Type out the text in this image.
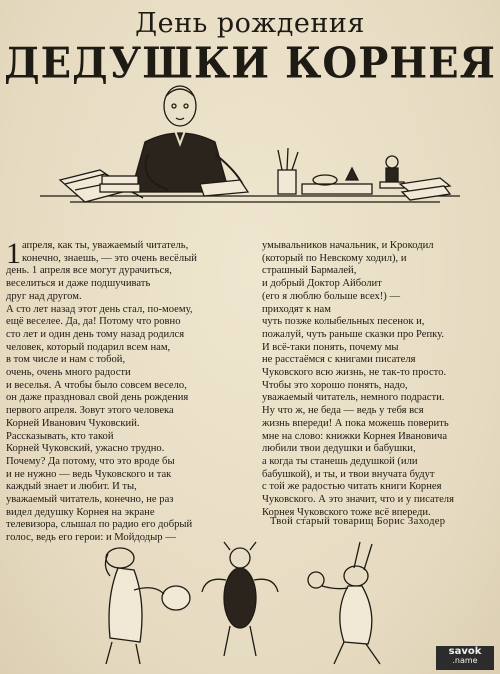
День рождения
ДЕДУШКИ КОРНЕЯ
1 апреля, как ты, уважаемый читатель,
конечно, знаешь, — это очень весёлый
день. 1 апреля все могут дурачиться,
веселиться и даже подшучивать
друг над другом.
А сто лет назад этот день стал, по-моему,
ещё веселее. Да, да! Потому что ровно
сто лет и один день тому назад родился
человек, который подарил всем нам,
в том числе и нам с тобой,
очень, очень много радости
и веселья. А чтобы было совсем весело,
он даже праздновал свой день рождения
первого апреля. Зовут этого человека
Корней Иванович Чуковский.
Рассказывать, кто такой
Корней Чуковский, ужасно трудно.
Почему? Да потому, что это вроде бы
и не нужно — ведь Чуковского и так
каждый знает и любит. И ты,
уважаемый читатель, конечно, не раз
видел дедушку Корнея на экране
телевизора, слышал по радио его добрый
голос, ведь его герои: и Мойдодыр —
умывальников начальник, и Крокодил
(который по Невскому ходил), и
страшный Бармалей,
и добрый Доктор Айболит
(его я люблю больше всех!) —
приходят к нам
чуть позже колыбельных песенок и,
пожалуй, чуть раньше сказки про Репку.
И всё-таки понять, почему мы
не расстаёмся с книгами писателя
Чуковского всю жизнь, не так-то просто.
Чтобы это хорошо понять, надо,
уважаемый читатель, немного подрасти.
Ну что ж, не беда — ведь у тебя вся
жизнь впереди! А пока можешь поверить
мне на слово: книжки Корнея Ивановича
любили твои дедушки и бабушки,
а когда ты станешь дедушкой (или
бабушкой), и ты, и твои внучата будут
с той же радостью читать книги Корнея
Чуковского. А это значит, что и у писателя
Корнея Чуковского тоже всё впереди.
Твой старый товарищ Борис Заходер
savok
.name
